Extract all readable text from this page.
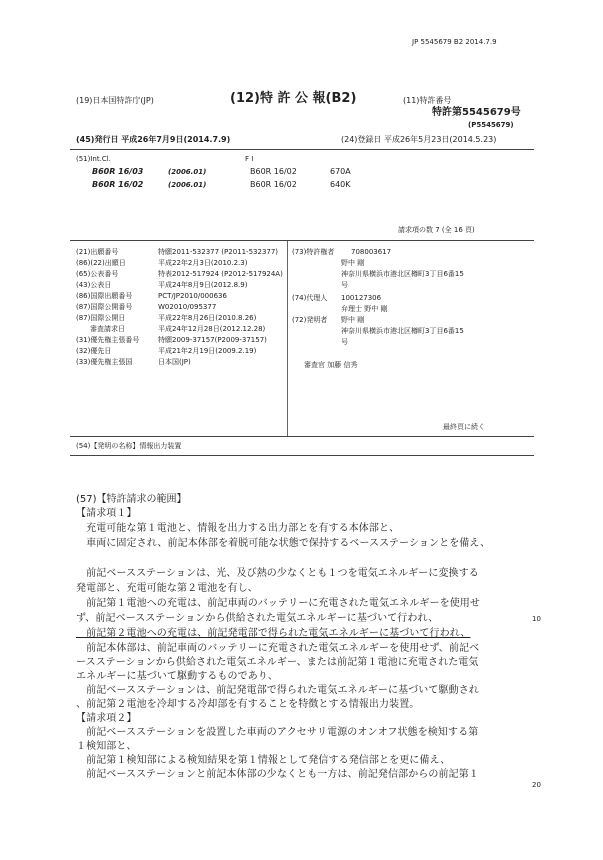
JP 5545679 B2 2014.7.9
(19)日本国特許庁(JP)	(12)特 許 公 報(B2)	(11)特許番号
特許第5545679号
(P5545679)
(45)発行日 平成26年7月9日(2014.7.9)	(24)登録日 平成26年5月23日(2014.5.23)
(51)Int.Cl.	F I
B60R 16/03	(2006.01)	B60R 16/02	670A
B60R 16/02	(2006.01)	B60R 16/02	640K
請求項の数 7 (全 16 頁)
(21)出願番号	特願2011-532377 (P2011-532377)
(86)(22)出願日	平成22年2月3日(2010.2.3)
(65)公表番号	特表2012-517924 (P2012-517924A)
(43)公表日	平成24年8月9日(2012.8.9)
(86)国際出願番号	PCT/JP2010/000636
(87)国際公開番号	W02010/095377
(87)国際公開日	平成22年8月26日(2010.8.26)
審査請求日	平成24年12月28日(2012.12.28)
(31)優先権主張番号	特願2009-37157(P2009-37157)
(32)優先日	平成21年2月19日(2009.2.19)
(33)優先権主張国	日本国(JP)
(73)特許権者 708003617
野中 剛
神奈川県横浜市港北区樽町3丁目6番15
号
(74)代理人 100127306
弁理士 野中 剛
(72)発明者 野中 剛
神奈川県横浜市港北区樽町3丁目6番15
号
審査官 加藤 信秀
最終頁に続く
(54)【発明の名称】情報出力装置
(57)【特許請求の範囲】
【請求項１】
　充電可能な第１電池と、情報を出力する出力部とを有する本体部と、
　車両に固定され、前記本体部を着脱可能な状態で保持するベースステーションとを備え、
　前記ベースステーションは、光、及び熱の少なくとも１つを電気エネルギーに変換する
発電部と、充電可能な第２電池を有し、
　前記第１電池への充電は、前記車両のバッテリーに充電された電気エネルギーを使用せ
ず、前記ベースステーションから供給された電気エネルギーに基づいて行われ、
　前記第２電池への充電は、前記発電部で得られた電気エネルギーに基づいて行われ、
　前記本体部は、前記車両のバッテリーに充電された電気エネルギーを使用せず、前記ベ
ースステーションから供給された電気エネルギー、または前記第１電池に充電された電気
エネルギーに基づいて駆動するものであり、
　前記ベースステーションは、前記発電部で得られた電気エネルギーに基づいて駆動され
、前記第２電池を冷却する冷却部を有することを特徴とする情報出力装置。
【請求項２】
　前記ベースステーションを設置した車両のアクセサリ電源のオンオフ状態を検知する第
１検知部と、
　前記第１検知部による検知結果を第１情報として発信する発信部とを更に備え、
　前記ベースステーションと前記本体部の少なくとも一方は、前記発信部からの前記第１
10
20
